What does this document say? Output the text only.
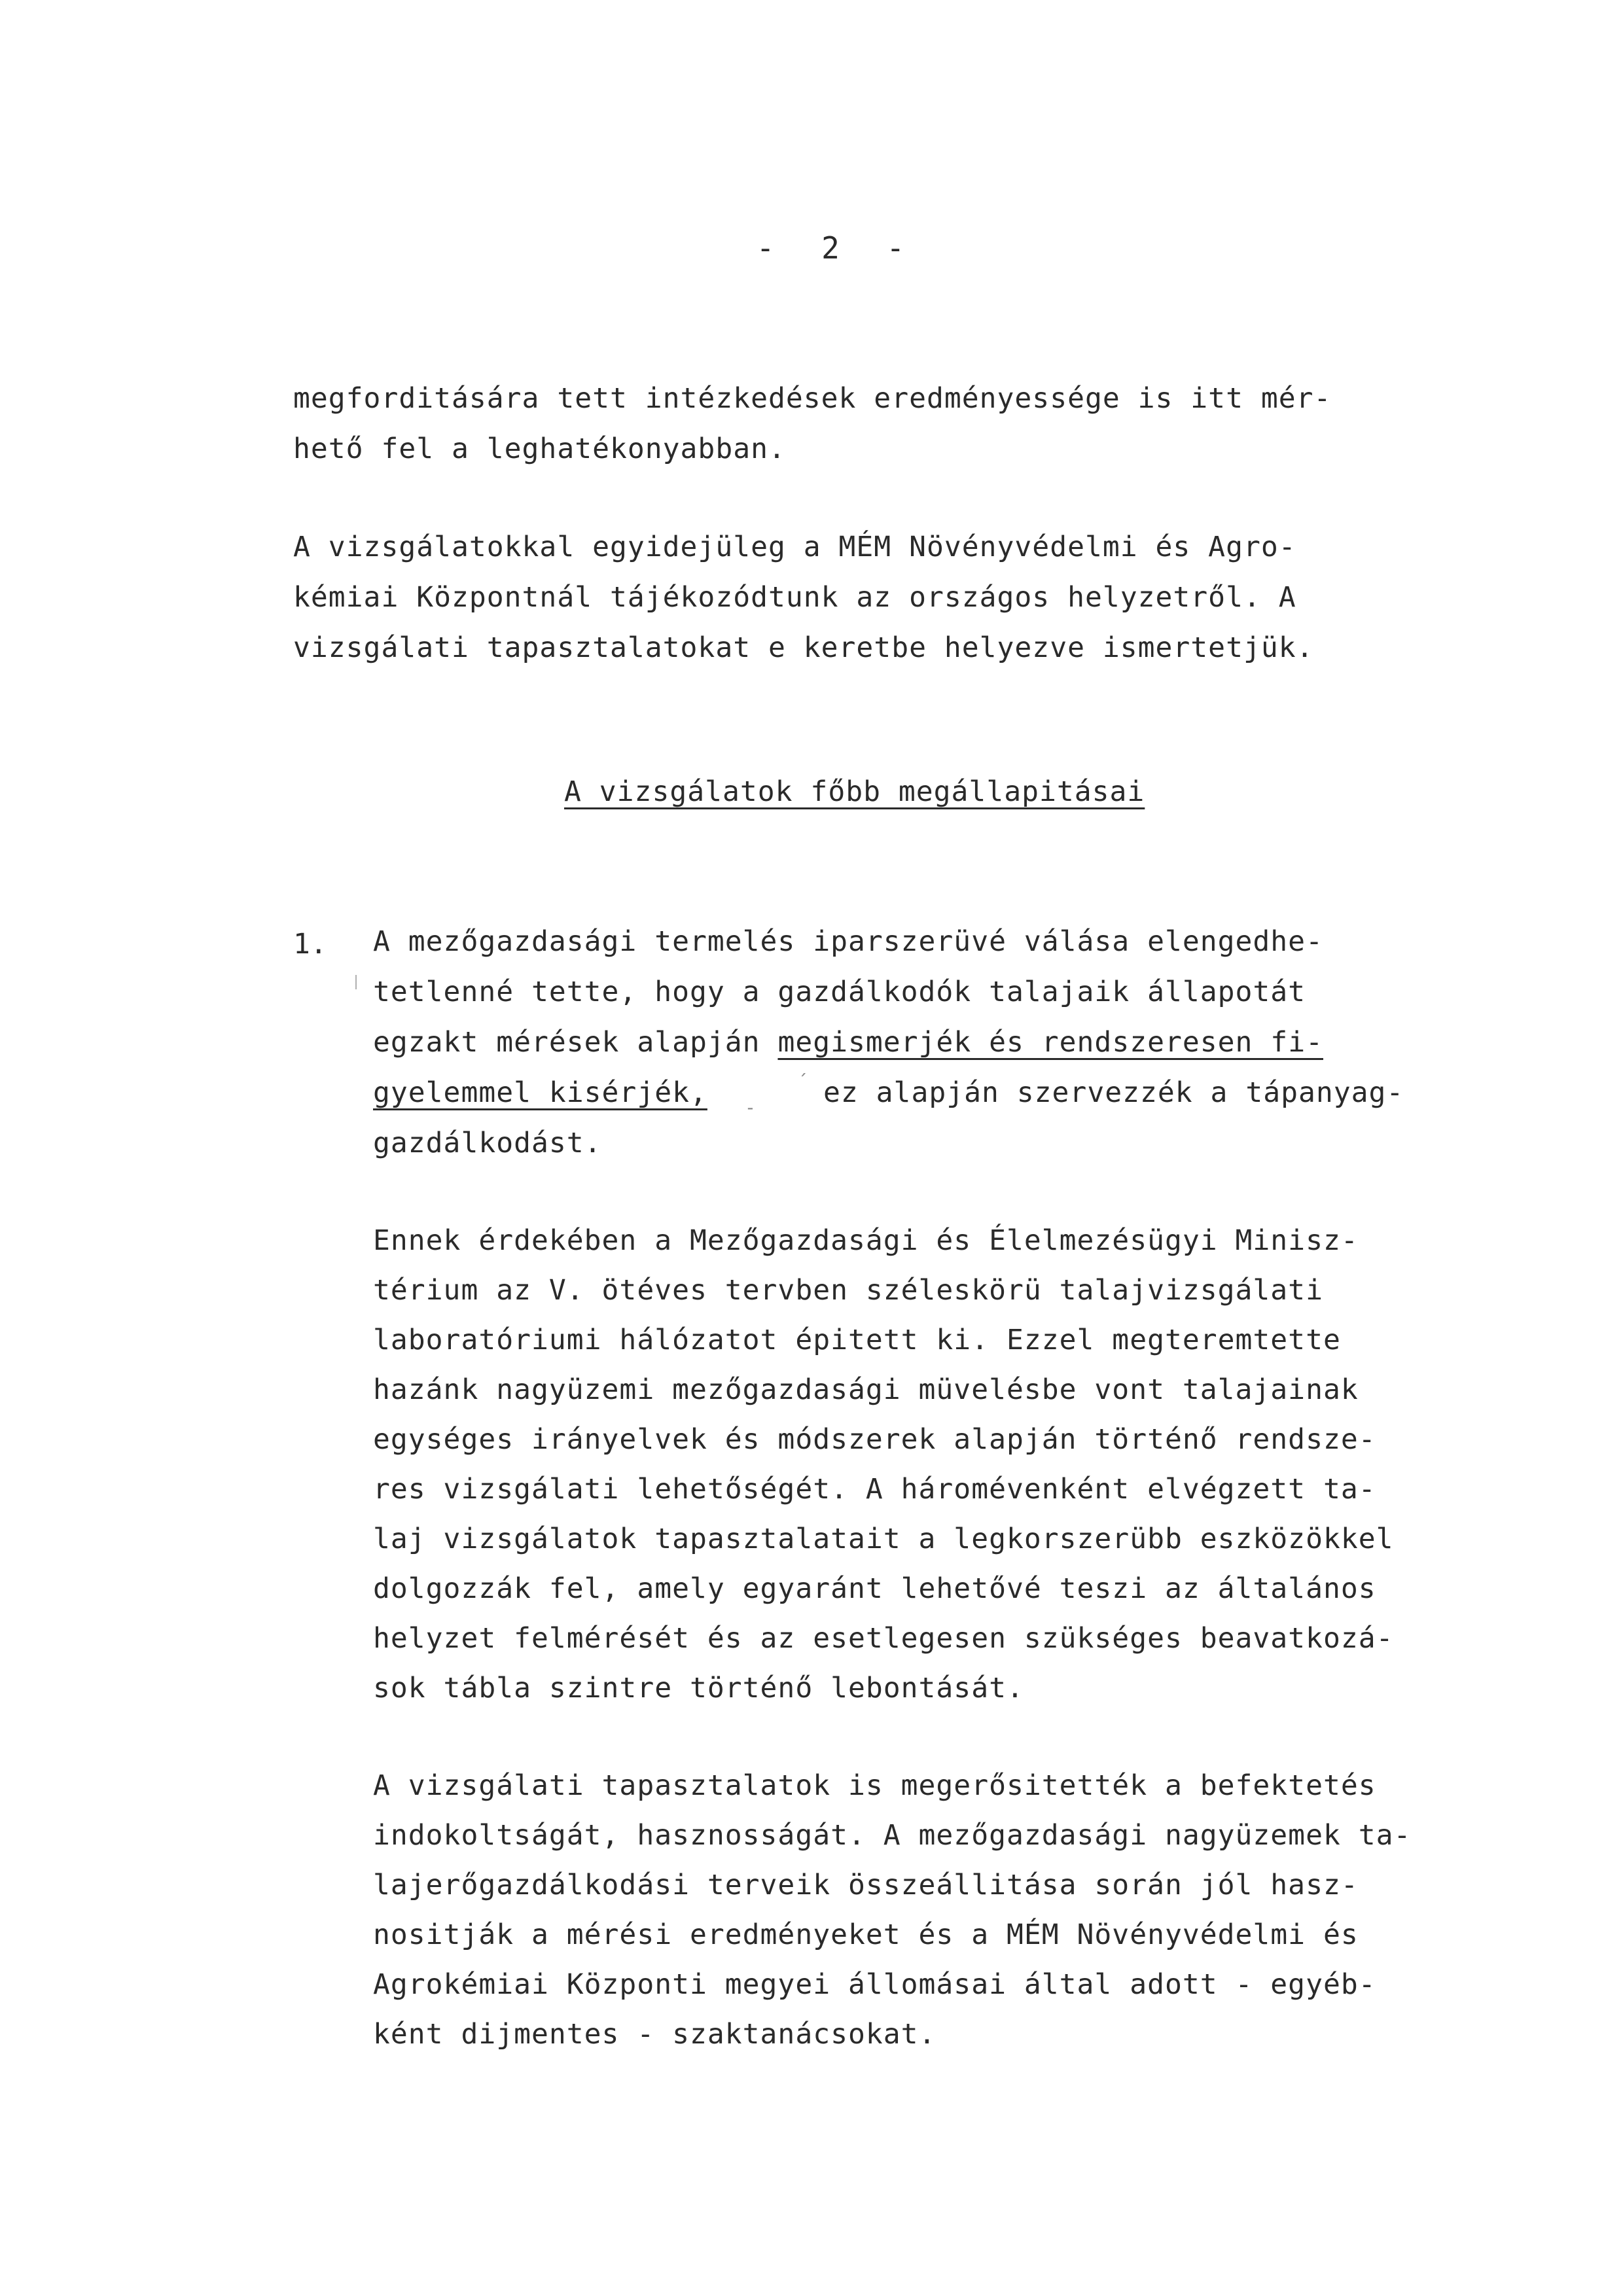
- 2 -
megforditására tett intézkedések eredményessége is itt mér-
hető fel a leghatékonyabban.
A vizsgálatokkal egyidejüleg a MÉM Növényvédelmi és Agro-
kémiai Központnál tájékozódtunk az országos helyzetről. A
vizsgálati tapasztalatokat e keretbe helyezve ismertetjük.
A vizsgálatok főbb megállapitásai
1. A mezőgazdasági termelés iparszerüvé válása elengedhe-
tetlenné tette, hogy a gazdálkodók talajaik állapotát
egzakt mérések alapján megismerjék és rendszeresen fi-
gyelemmel kisérjék, -
´ ez alapján szervezzék a tápanyag-
gazdálkodást.
Ennek érdekében a Mezőgazdasági és Élelmezésügyi Minisz-
térium az V. ötéves tervben széleskörü talajvizsgálati
laboratóriumi hálózatot épitett ki. Ezzel megteremtette
hazánk nagyüzemi mezőgazdasági müvelésbe vont talajainak
egységes irányelvek és módszerek alapján történő rendsze-
res vizsgálati lehetőségét. A háromévenként elvégzett ta-
laj vizsgálatok tapasztalatait a legkorszerübb eszközökkel
dolgozzák fel, amely egyaránt lehetővé teszi az általános
helyzet felmérését és az esetlegesen szükséges beavatkozá-
sok tábla szintre történő lebontását.
A vizsgálati tapasztalatok is megerősitették a befektetés
indokoltságát, hasznosságát. A mezőgazdasági nagyüzemek ta-
lajerőgazdálkodási terveik összeállitása során jól hasz-
nositják a mérési eredményeket és a MÉM Növényvédelmi és
Agrokémiai Központi megyei állomásai által adott - egyéb-
ként dijmentes - szaktanácsokat.
